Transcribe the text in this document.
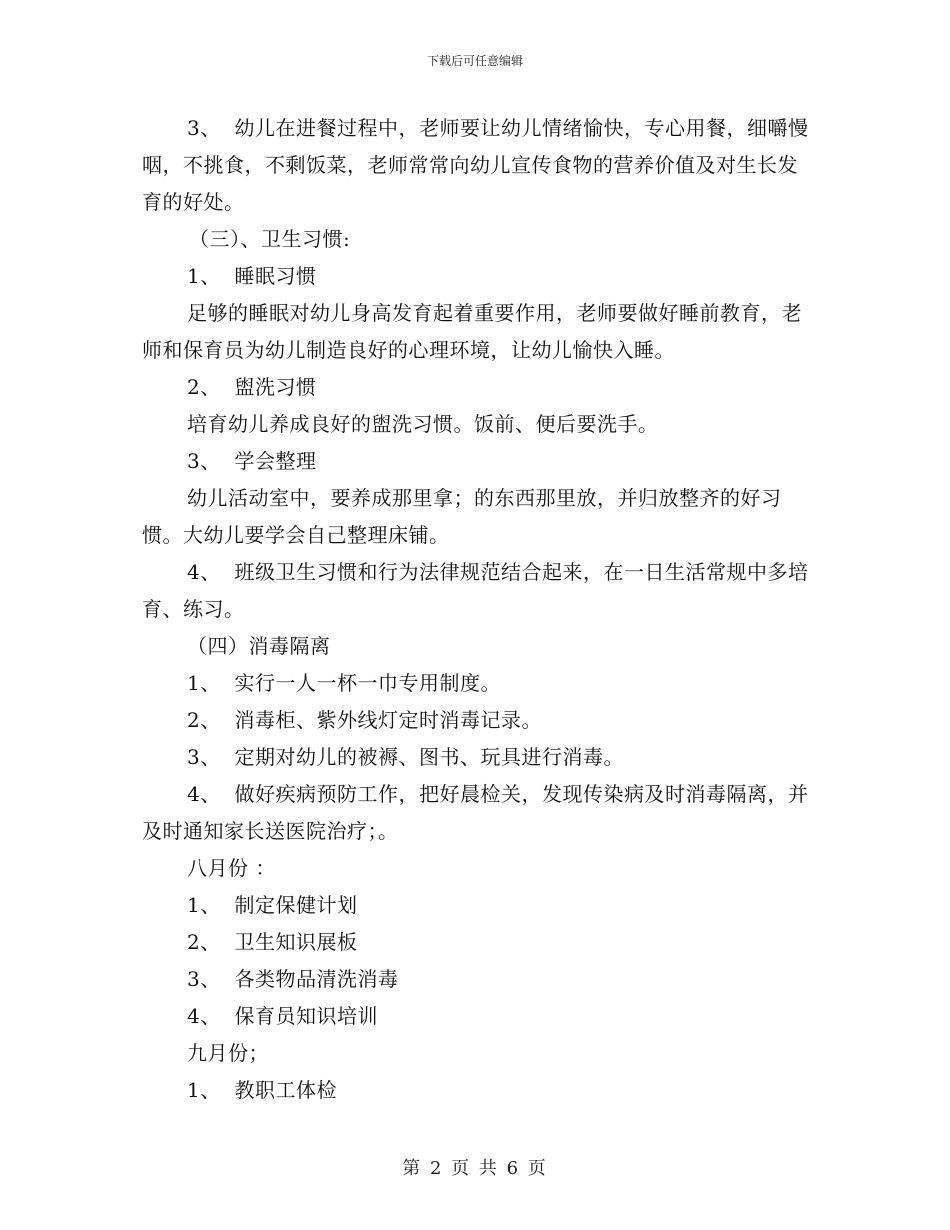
下载后可任意编辑

3、  幼儿在进餐过程中，老师要让幼儿情绪愉快，专心用餐，细嚼慢咽，不挑食，不剩饭菜，老师常常向幼儿宣传食物的营养价值及对生长发育的好处。

（三）、卫生习惯:

1、  睡眠习惯

足够的睡眠对幼儿身高发育起着重要作用，老师要做好睡前教育，老师和保育员为幼儿制造良好的心理环境，让幼儿愉快入睡。

2、  盥洗习惯

培育幼儿养成良好的盥洗习惯。饭前、便后要洗手。

3、  学会整理

幼儿活动室中，要养成那里拿；的东西那里放，并归放整齐的好习惯。大幼儿要学会自己整理床铺。

4、  班级卫生习惯和行为法律规范结合起来，在一日生活常规中多培育、练习。

（四）消毒隔离

1、  实行一人一杯一巾专用制度。

2、  消毒柜、紫外线灯定时消毒记录。

3、  定期对幼儿的被褥、图书、玩具进行消毒。

4、  做好疾病预防工作，把好晨检关，发现传染病及时消毒隔离，并及时通知家长送医院治疗；。

八月份 ：

1、  制定保健计划

2、  卫生知识展板

3、  各类物品清洗消毒

4、  保育员知识培训

九月份；

1、  教职工体检

第 2 页 共 6 页
